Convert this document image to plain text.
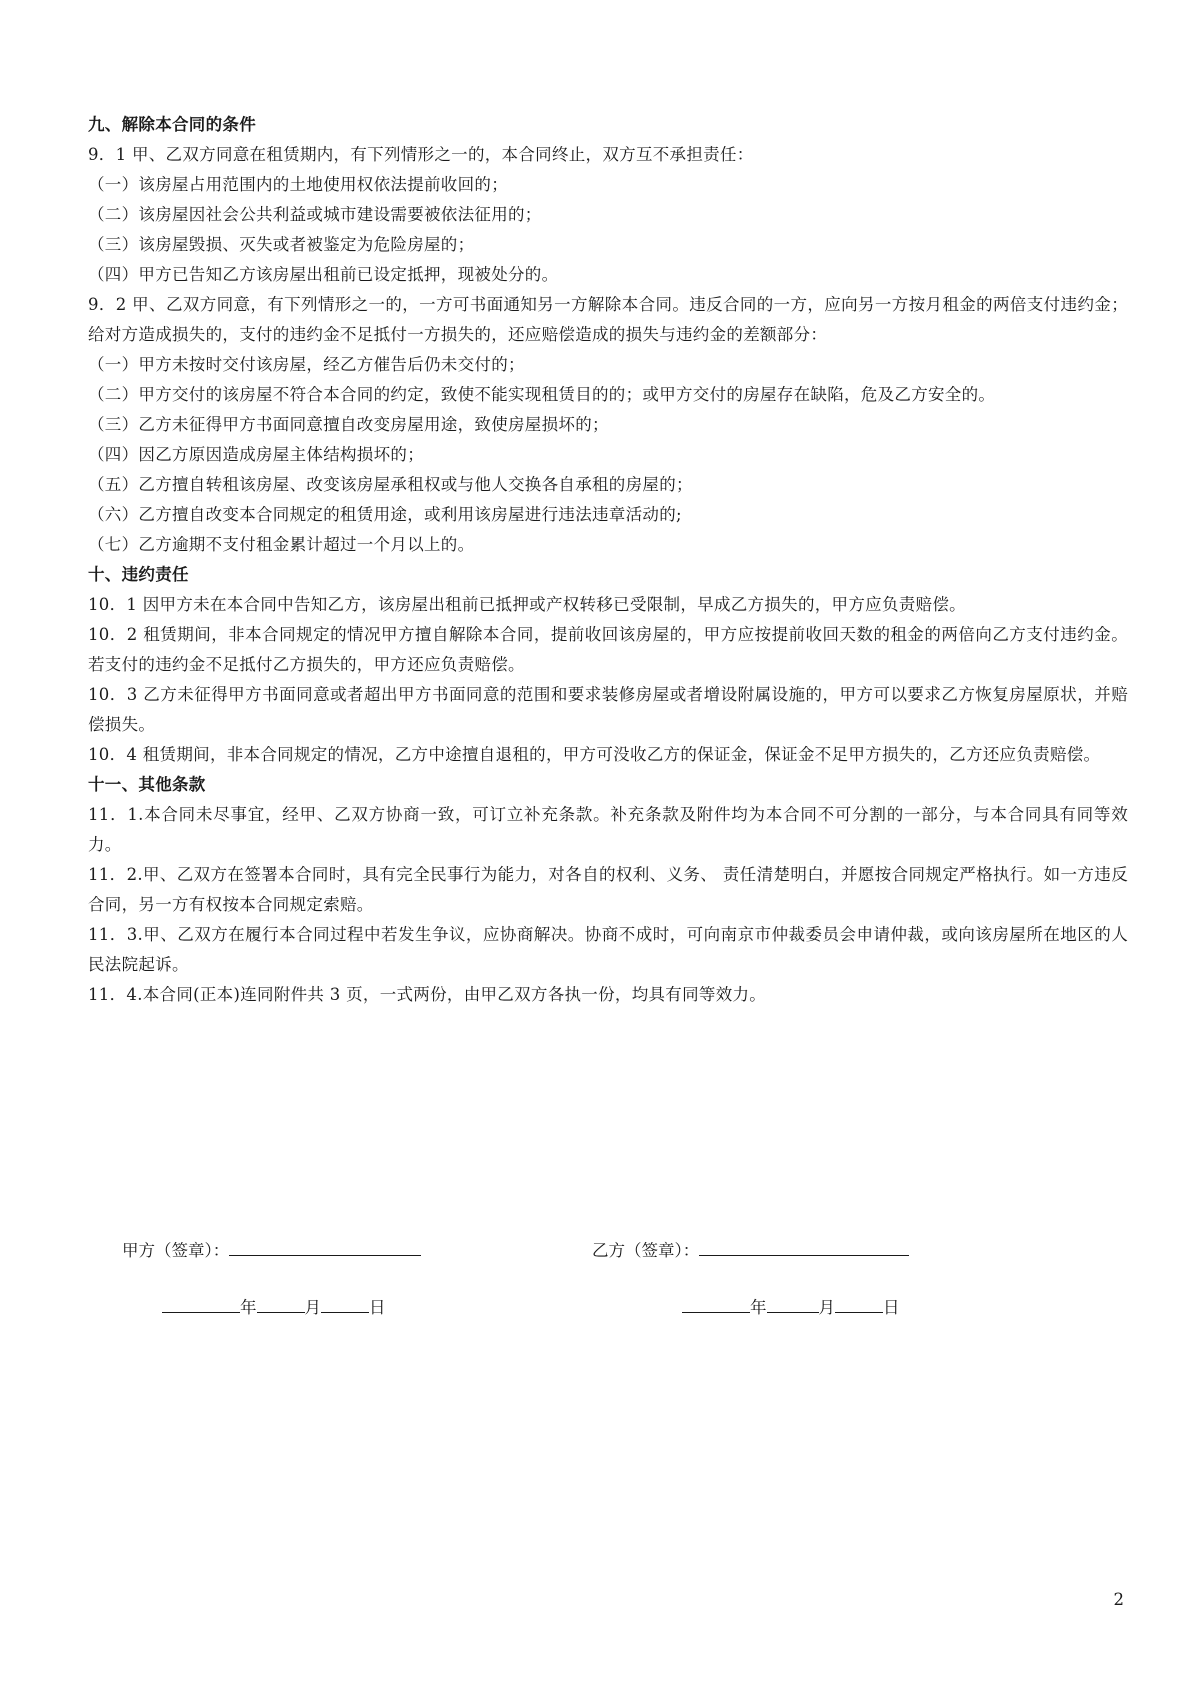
九、解除本合同的条件
9．1 甲、乙双方同意在租赁期内，有下列情形之一的，本合同终止，双方互不承担责任：
（一）该房屋占用范围内的土地使用权依法提前收回的；
（二）该房屋因社会公共利益或城市建设需要被依法征用的；
（三）该房屋毁损、灭失或者被鉴定为危险房屋的；
（四）甲方已告知乙方该房屋出租前已设定抵押，现被处分的。
9．2 甲、乙双方同意，有下列情形之一的，一方可书面通知另一方解除本合同。违反合同的一方，应向另一方按月租金的两倍支付违约金；给对方造成损失的，支付的违约金不足抵付一方损失的，还应赔偿造成的损失与违约金的差额部分：
（一）甲方未按时交付该房屋，经乙方催告后仍未交付的；
（二）甲方交付的该房屋不符合本合同的约定，致使不能实现租赁目的的；或甲方交付的房屋存在缺陷，危及乙方安全的。
（三）乙方未征得甲方书面同意擅自改变房屋用途，致使房屋损坏的；
（四）因乙方原因造成房屋主体结构损坏的；
（五）乙方擅自转租该房屋、改变该房屋承租权或与他人交换各自承租的房屋的；
（六）乙方擅自改变本合同规定的租赁用途，或利用该房屋进行违法违章活动的;
（七）乙方逾期不支付租金累计超过一个月以上的。
十、违约责任
10．1 因甲方未在本合同中告知乙方，该房屋出租前已抵押或产权转移已受限制，早成乙方损失的，甲方应负责赔偿。
10．2 租赁期间，非本合同规定的情况甲方擅自解除本合同，提前收回该房屋的，甲方应按提前收回天数的租金的两倍向乙方支付违约金。若支付的违约金不足抵付乙方损失的，甲方还应负责赔偿。
10．3 乙方未征得甲方书面同意或者超出甲方书面同意的范围和要求装修房屋或者增设附属设施的，甲方可以要求乙方恢复房屋原状，并赔偿损失。
10．4 租赁期间，非本合同规定的情况，乙方中途擅自退租的，甲方可没收乙方的保证金，保证金不足甲方损失的，乙方还应负责赔偿。
十一、其他条款
11．1.本合同未尽事宜，经甲、乙双方协商一致，可订立补充条款。补充条款及附件均为本合同不可分割的一部分，与本合同具有同等效力。
11．2.甲、乙双方在签署本合同时，具有完全民事行为能力，对各自的权利、义务、 责任清楚明白，并愿按合同规定严格执行。如一方违反合同，另一方有权按本合同规定索赔。
11．3.甲、乙双方在履行本合同过程中若发生争议，应协商解决。协商不成时，可向南京市仲裁委员会申请仲裁，或向该房屋所在地区的人民法院起诉。
11．4.本合同(正本)连同附件共 3 页，一式两份，由甲乙双方各执一份，均具有同等效力。
甲方（签章）：	乙方（签章）：
年	月	日	年	月	日
2
